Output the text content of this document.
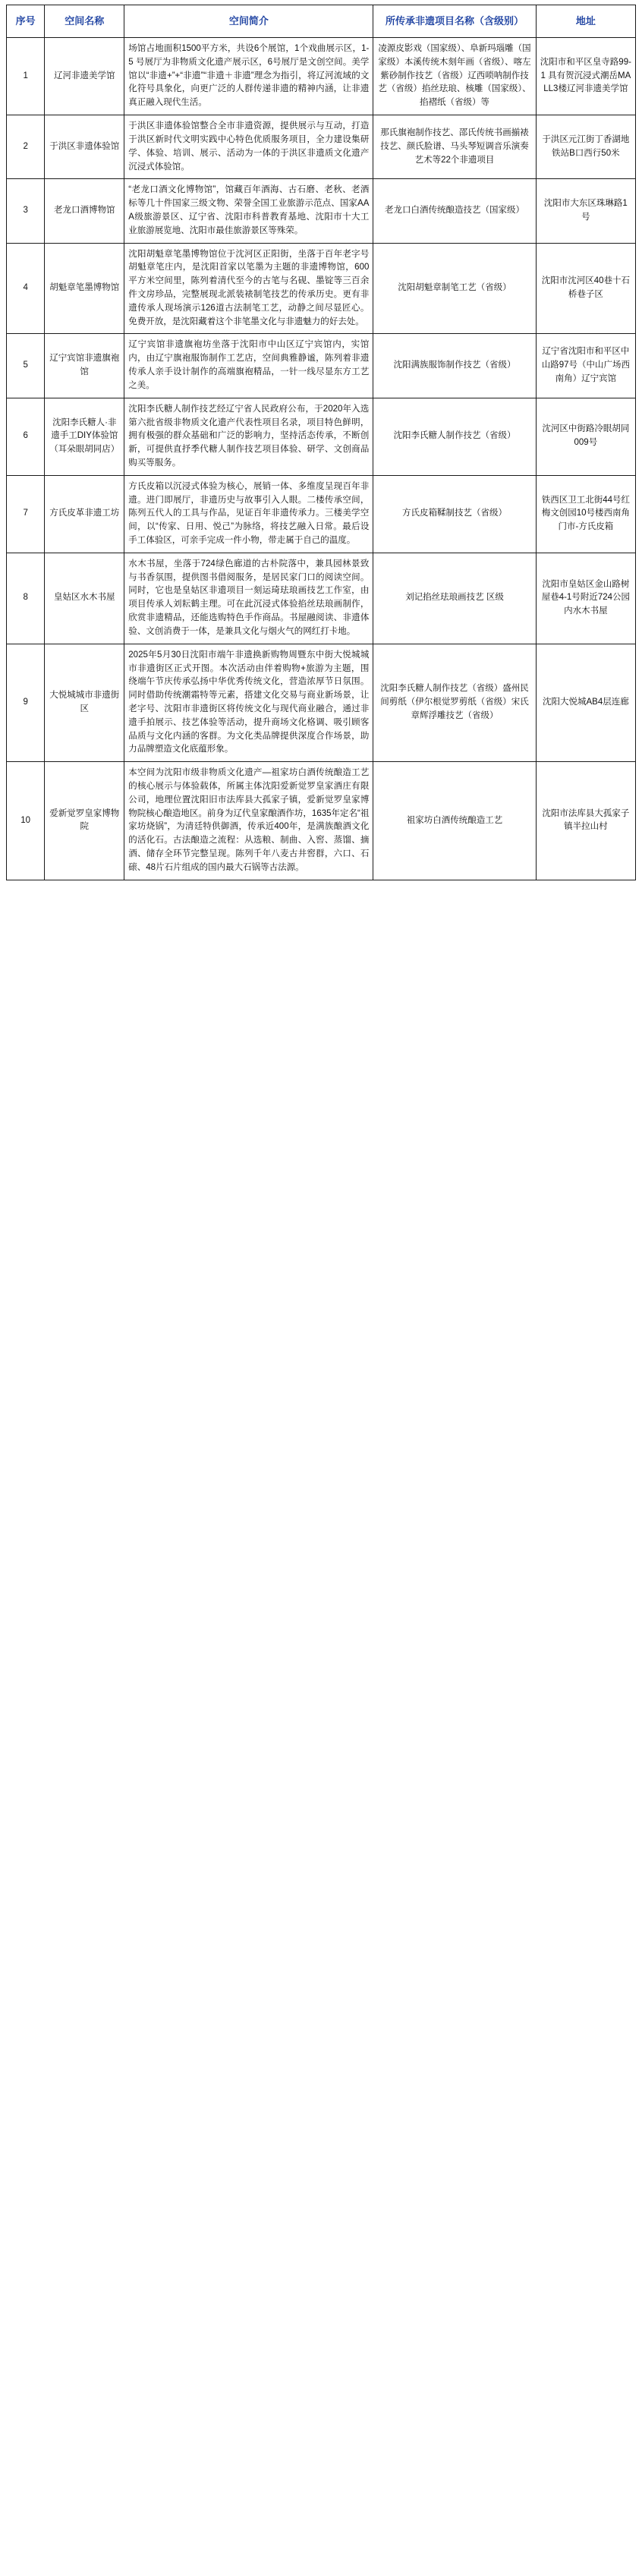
序号	空间名称	空间简介	所传承非遗项目名称（含级别）	地址
1	辽河非遗美学馆	场馆占地面积1500平方米，共设6个展馆，1个戏曲展示区，1-5 号展厅为非物质文化遗产展示区，6号展厅是文创空间。美学馆以“非遗+”+“非遗”“非遗＋非遗”理念为指引，将辽河流域的文化符号具象化，向更广泛的人群传递非遗的精神内涵，让非遗真正融入现代生活。	凌源皮影戏（国家级）、阜新玛瑙雕（国家级）本溪传统木刻年画（省级）、喀左紫砂制作技艺（省级）辽西唢呐制作技艺（省级）掐丝珐琅、核雕（国家级）、掐褶纸（省级）等	沈阳市和平区皇寺路99-1 具有贺沉浸式潮岳MALL3楼辽河非遗美学馆
2	于洪区非遗体验馆	于洪区非遗体验馆整合全市非遗资源，提供展示与互动，打造于洪区新时代文明实践中心特色优质服务项目，全力建设集研学、体验、培训、展示、活动为一体的于洪区非遗质文化遗产沉浸式体验馆。	那氏旗袍制作技艺、邵氏传统书画揃裱技艺、颜氏脸谱、马头琴短调音乐演奏艺术等22个非遗项目	于洪区元江街丁香湖地铁站B口西行50米
3	老龙口酒博物馆	“老龙口酒文化博物馆”，馆藏百年酒海、古石磨、老秋、老酒标等几十件国家三级文物、荣誉全国工业旅游示范点、国家AAA级旅游景区、辽宁省、沈阳市科普教育基地、沈阳市十大工业旅游展览地、沈阳市最佳旅游景区等殊荣。	老龙口白酒传统酿造技艺（国家级）	沈阳市大东区珠琳路1号
4	胡魁章笔墨博物馆	沈阳胡魁章笔墨博物馆位于沈河区正阳街，坐落于百年老字号胡魁章笔庄内，是沈阳首家以笔墨为主题的非遗博物馆，600平方米空间里，陈列着清代至今的古笔与名砚、墨锭等三百余件文房珍品，完整展现北派装裱制笔技艺的传承历史。更有非遗传承人现场演示126道古法制笔工艺，动静之间尽显匠心。免费开放，是沈阳藏着这个非笔墨文化与非遗魅力的好去处。	沈阳胡魁章制笔工艺（省级）	沈阳市沈河区40巷十石桥巷子区
5	辽宁宾馆非遗旗袍馆	辽宁宾馆非遗旗袍坊坐落于沈阳市中山区辽宁宾馆内，实馆内，由辽宁旗袍服饰制作工艺店，空间典雅静谧，陈列着非遗传承人亲手设计制作的高端旗袍精品，一针一线尽显东方工艺之美。	沈阳满族服饰制作技艺（省级）	辽宁省沈阳市和平区中山路97号（中山广场西南角）辽宁宾馆
6	沈阳李氏糖人·非遗手工DIY体验馆（耳朵眼胡同店）	沈阳李氏糖人制作技艺经辽宁省人民政府公布，于2020年入选第六批省级非物质文化遗产代表性项目名录，项目特色鲜明，拥有极强的群众基础和广泛的影响力，坚持活态传承，不断创新，可提供直抒季代糖人制作技艺项目体验、研学、文创商品购买等服务。	沈阳李氏糖人制作技艺（省级）	沈河区中街路冷眼胡同009号
7	方氏皮革非遗工坊	方氏皮箱以沉浸式体验为核心，展销一体、多维度呈现百年非遗。进门即展厅，非遗历史与故事引入人眼。二楼传承空间，陈列五代人的工具与作品，见证百年非遗传承力。三楼美学空间，以“传家、日用、悦己”为脉络，将技艺融入日常。最后设手工体验区，可亲手完成一件小物，带走属于自己的温度。	方氏皮箱鞣制技艺（省级）	铁西区卫工北街44号红梅文创园10号楼西南角门市-方氏皮箱
8	皇姑区水木书屋	水木书屋，坐落于724绿色廊道的古朴院落中，兼具园林景致与书香氛围，提供图书借阅服务，是居民家门口的阅读空间。同时，它也是皇姑区非遗项目一刻运琦珐琅画技艺工作室，由项目传承人刘耘鹤主理。可在此沉浸式体验掐丝珐琅画制作，欣赏非遗精品，还能选购特色手作商品。书屋融阅读、非遗体验、文创消费于一体，是兼具文化与烟火气的网红打卡地。	刘记掐丝珐琅画技艺 区级	沈阳市皇姑区金山路树屋巷4-1号附近724公园内水木书屋
9	大悦城城市非遗街区	2025年5月30日沈阳市端午非遗换新购物周暨东中街大悦城城市非遗街区正式开图。本次活动由伴着购物+旅游为主题，围绕端午节庆传承弘扬中华优秀传统文化，营造浓厚节日氛围。同时借助传统潮霜特等元素，搭建文化交易与商业新场景，让老字号、沈阳市非遗街区将传统文化与现代商业融合，通过非遗手拍展示、技艺体验等活动，提升商场文化格调、吸引顾客品质与文化内涵的客群。为文化类品牌提供深度合作场景，助力品牌塑造文化底蕴形象。	沈阳李氏糖人制作技艺（省级）盛州民间剪纸（伊尔根觉罗剪纸（省级）宋氏章辉浮雕技艺（省级）	沈阳大悦城AB4层连廊
10	爱新觉罗皇家博物院	本空间为沈阳市级非物质文化遗产—祖家坊白酒传统酿造工艺的核心展示与体验载体，所属主体沈阳爱新觉罗皇家酒庄有限公司，地理位置沈阳旧市法库县大孤家子镇，爱新觉罗皇家博物院核心酿造地区。前身为辽代皇家酿酒作坊，1635年定名“祖家坊烧锅”，为清廷特供御酒，传承近400年，是满族酿酒文化的活化石。古法酿造之流程：从选粮、制曲、入窖、蒸馏、摘酒、储存全环节完整呈现。陈列千年八麦古井窖群，六口、石磙、48片石片组成的国内最大石锅等古法源。	祖家坊白酒传统酿造工艺	沈阳市法库县大孤家子镇半拉山村
